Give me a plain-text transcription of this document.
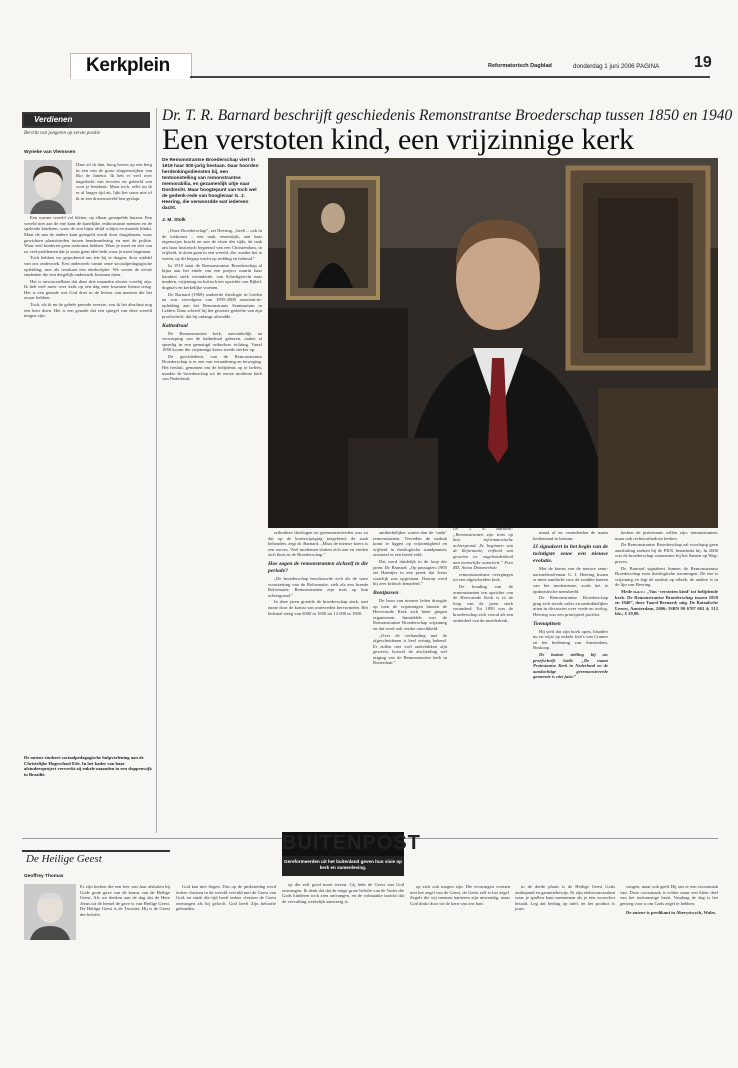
Kerkplein	Reformatorisch Dagblad	donderdag 1 juni 2006 PAGINA 19
Verdienen
Bericht van jongeren op eerste positie
Wyneke van Vlemssen

Daar zit ik dan, hoog boven op een berg in een van de grote sloppenwijken van Rio de Janeiro. Ik heb er veel over nagedacht van tevoren en gebeeld wat voor je betekent. Maar toch, zelfs nu ik er al langer tijd zit, lijkt het soms niet of ik in een droomwereld ben geslapt.

Een warme wereld vol kleine, op elkaar gestapelde huizen. Een wereld met aan de ene kant de hartelijke, enthousiaste mensen en de spelende kinderen, waar de zon bijna altijd schijnt en muziek klinkt. Maar de aan de andere kant geregeld wordt door drugsbazen, waar gewichten plaatstrieden tussen bendeondering en met de politie. Waar veel kinderen geen toekomst hebben. Waar je moet en ziet van zo veel problemen dat je soms geen idee hebt waar je moet beginnen.

Toch hebben we geprobeerd om iets bij te dragen, door middel van ons onderzoek. Een onderzoek vanuit onze sociaalpedagogische opleiding, met als resultaat een eindscriptie. We waren de eerste studenten die een dergelijk onderzoek kwamen doen.

Het is onvoorstelbaar dat deze drie maanden alweer voorbij zijn. Ik heb veel meer over kerk op een dag mee kwamen hierna terug. Het is een genade wat God doet in de levens van mensen die het zwaar hebben.

Toch, als ik nu de gehele periode overzie, zou ik het absoluut nog een keer doen. Het is een genade dat een spiegel van deze wereld mogen zijn.

De auteur studeert sociaalpedagogische hulpverlening aan de Christelijke Hogeschool Ede. In het kader van haar afstudeerproject verwerkt zij enkele maanden in een sloppenwijk in Brazilië.
Dr. T. R. Barnard beschrijft geschiedenis Remonstrantse Broederschap tussen 1850 en 1940
Een verstoten kind, een vrijzinnige kerk
De Remonstrantse Broederschap viert in 1919 haar 300-jarig bestaan. Daar hoorden herdenkingsdiensten bij, een tentoonstelling van remonstrantse memorabilia, en gezamenlijk uitje naar Dordrecht. Maar hoogtepunt van toch wel de gedenk-rede van hoogleraar G. J. Heering, die verwoordde wat iedereen dacht.
J. M. Stolk

„Onze Broederschap”, zei Heering, „heeft – ook in de toekomst – een taak, eenerzijds, aan haar eigenwijze kracht en aan de eisen des tijds, de taak om haar historisch begrensd van een Christendom, in vrijheid, te doen gaan in een wereld, die, zonder het te weten, op dit begrip wacht op redding en behoud.”

In 1919 staat de Remonstrantse Broederschap al bijna aan het einde van een project waarin haar karakter sterk veranderde: van Schriftgericht naar modern, vrijzinnig en kritisch ten opzichte van Bijbel, dogma's en kerkelijke vormen.

De Barnard (1968) studeerde theologie in Leiden en was vervolgens van 1995-2000 assistent-in-opleiding aan het Remonstrants Seminarium in Leiden. Daar schreef hij het grootste gedeelte van zijn proefschrift, dat hij onlangs afrondde.

Kathedraal

De Remonstrantse kerk, aanvankelijk na verwerping van de kathedraal geboren, raakte al spoedig in een gematigd orthodoxe richting. Vanaf 1850 kwam die vrijzinnige koers steeds sterker op.

De geschiedenis van de Remonstrantse Broederschap is er een van verandering en beweging. Het besluit, genomen om de belijdenis op te heffen, maakte de broederschap tot de eerste moderne kerk van Nederland.

orthodoxe theologen en geremonstreerden was zo dat op de koerswijziging toegekend, de zaak behouden, zegt dr. Barnard. „Maar de nieuwe koers is een succes. Veel modernen sluiten zich aan en vinden zich thuis in de Broederschap.”

Hoe zagen de remonstranten zichzelf in die periode?

„De broederschap beschouwde zich als de ware voortzetting van de Reformatie, stelt als een breede Reformatie. Remonstranten zijn trots op hun achtergrond.”

In deze jaren groeide de broederschap sterk, met name door de komst van ontevreden hervormden. Het ledental steeg van 5000 in 1850 tot 12.000 in 1900.

antikerkelijker waren dan de ‘oude’ remonstranten. Tevreden de nadruk komt te liggen op vrijzinnigheid en vrijheid in theologische standpunten, ontstond er een breed veld.

Dat werd duidelijk in de loop der jaren. Dr. Barnard: „Op passagiers 1905 zei Haentjes in een preek dat Jezus waarlijk was opgestaan. Daarop werd hij zeer kritisch benaderd.”

Bontjassen

De bron van nieuwe leden droogde op toen de vrijzinnigen binnen de Hervormde Kerk zich beter gingen organiseren. Immiddels was de Remonstrantse Broederschap vrijzinnig en dat werd ook verder ontwikkeld.

„Over de verhouding met de afgescheidenen is heel weinig bekend. Er zullen niet veel raakvlakken zijn geweest, hoewel de afscheiding wel uitging van de Remonstrantse kerk in Rotterdam.”

Dr. T. R. Barnard: „Remonstranten zijn trots op hun reformatorische achtergrond. Ze beginnen van de Reformatie, vrijheid van geweten en ongebondenheid aan menselijke autoriteit.” Foto RD, Anton Dommerholt

remonstrantisme overgingen tot een afgescheiden kerk.

De houding van de remonstranten ten opzichte van de Hervormde Kerk is in de loop van de jaren sterk veranderd. Tot 1850 was de broederschap zich vooral als een onderdeel van de moederkerk.

maad af en veranderden de naam kerkenraad in bestuur.

IJ signaleert in het begin van de twintigste eeuw een nieuwe evolutie.

Met de komst van de nieuwe semi-narismbeoefenaar G. J. Heering kwam er meer aandacht voor de zwakke kanten van het modernisme, zoals het te optimistische mensbeeld.

De Remonstrantse Broederschap ging zich steeds vaker en nadrukkelijker uiten in discussies over vrede en oorlog. Heering was een principieel pacifist.

Toenapitsen

Hij stelt dat zijn boek open, blaadert nu en wijst op enkele foto's van Cramer en het bediening van Amsterdam, Boskoop.

De laatste stelling bij uw proefschrift luidt: „De naam Protestantse Kerk in Nederland en de aandachtige geremonstreerde gemeente is niet juist.”

kerken de protestants willen zijn: remonstranten, maar ook rechtsorthodoxe kerken.

De Remonstrantse Broederschap zal voorlopig geen aansluiting zoeken bij de PKN, benadrukt hij. In 2006 was de broederschap waarnemer bij het Samen op Weg-proces.

Dr. Barnard signaleert binnen de Remonstrantse Broederschap twee theologische stromingen. De ene is vrijzinnig en legt de nadruk op ethiek, de andere is in de lijn van Heering.

Mede n.a.v.: „Van ‘verstoten kind’ tot belijdende kerk. De Remonstrantse Broederschap tussen 1850 en 1940”, door Taard Bernard; uitg. De Bataafsche Leeuw, Amsterdam, 2006; ISBN 90 6707 602 4; 512 blz.; € 29,80.

De Heilige Geest
Geoffrey Thomas

Er zijn kerken die een leer van Jaar afsluiten bij Gods grote gave van de komst van de Heilige Geest. Als we denken aan de dag dat de Here Jezus uit de hemel de gave is van Heilige Geest. De Heilige Geest is de Trooster, Hij is de Geest der belofte.

God kan niet liegen. Dus op de pinksterdag werd iedere christen in de wereld vervuld met de Geest van God, en sinds die tijd heeft iedere christen de Geest ontvangen als hij gelooft. God heeft Zijn beloofte gehouden.

BUITENPOST
Gereformeerden uit het buitenland geven hun visie op kerk en samenleving.

op die zelf goed moet wezen. Gij hebt de Geest van God ontvangen. Ik denk dat dat de enige grote belofte van de Vader die Gods kinderen toch zien ontvangen, en de volmaakte inzicht dat de vervulling werkelijk aanwezig is.

op zich ook mogen zijn. Die ervaringen vormen niet het zegel van de Geest, de Geest zelf is het zegel. Zegels die wij mensen hanteren zijn uitwendig, maar God drukt door tot de kern van ons hart.

in de derde plaats is de Heilige Geest Gods onderpand en garantiebewijs. Er zijn elektronicazaken waar je spullen kunt meenemen als je een voorschot betaalt. Leg dat bedrag op tafel, en het product is jouw.

vangen, maar ook geeft Hij ons er een voorsmaak van. Deze voorsmaak is echter maar een klein deel van het toekomstige bezit. Vandaag de dag is het genoeg voor u om Gods zegel te hebben.

De auteur is predikant in Aberystwyth, Wales.
